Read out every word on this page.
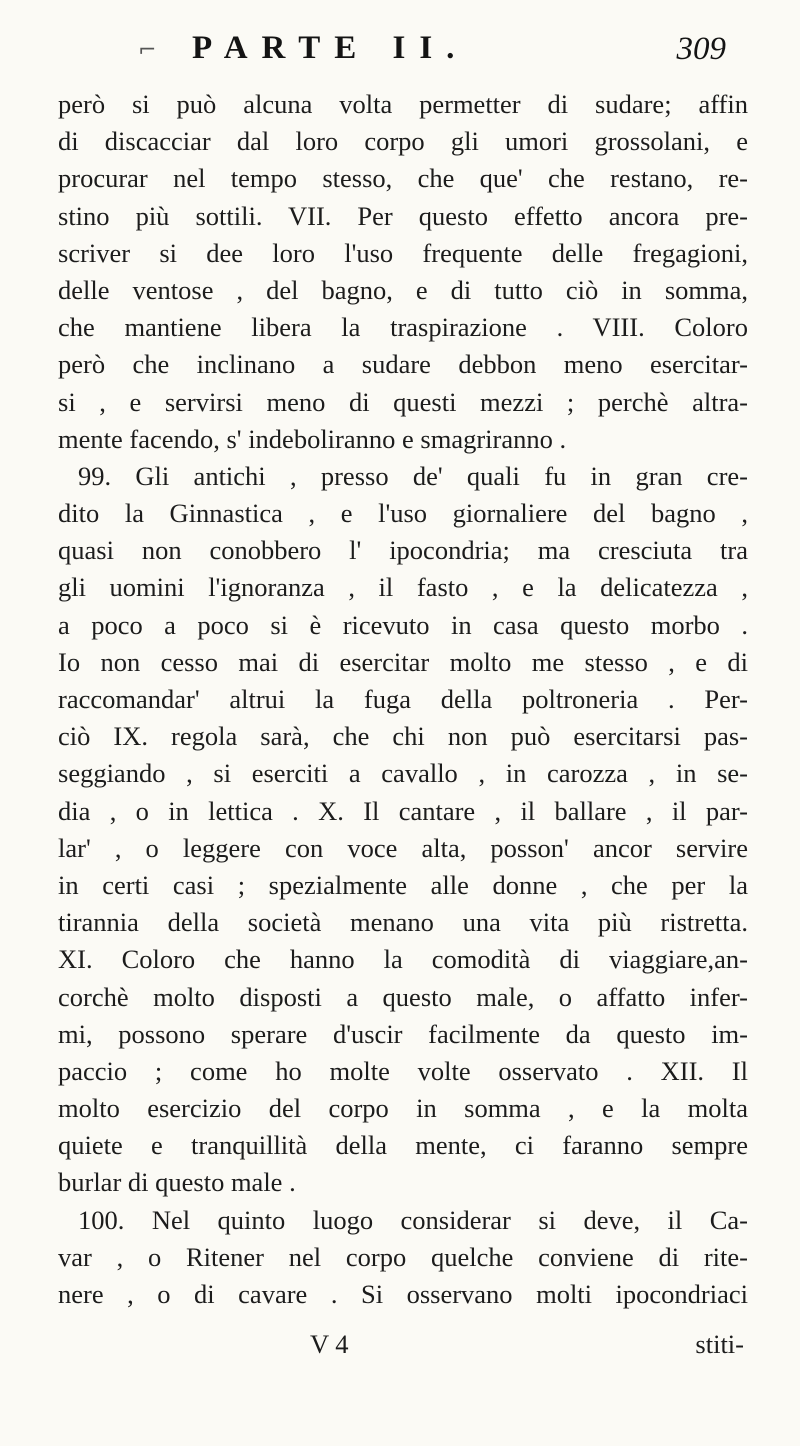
⌐ PARTE II.	309
però si può alcuna volta permetter di sudare; affin
di discacciar dal loro corpo gli umori grossolani, e
procurar nel tempo stesso, che que' che restano, re-
stino più sottili. VII. Per questo effetto ancora pre-
scriver si dee loro l'uso frequente delle fregagioni,
delle ventose , del bagno, e di tutto ciò in somma,
che mantiene libera la traspirazione . VIII. Coloro
però che inclinano a sudare debbon meno esercitar-
si , e servirsi meno di questi mezzi ; perchè altra-
mente facendo, s' indeboliranno e smagriranno .
99. Gli antichi , presso de' quali fu in gran cre-
dito la Ginnastica , e l'uso giornaliere del bagno ,
quasi non conobbero l' ipocondria; ma cresciuta tra
gli uomini l'ignoranza , il fasto , e la delicatezza ,
a poco a poco si è ricevuto in casa questo morbo .
Io non cesso mai di esercitar molto me stesso , e di
raccomandar' altrui la fuga della poltroneria . Per-
ciò IX. regola sarà, che chi non può esercitarsi pas-
seggiando , si eserciti a cavallo , in carozza , in se-
dia , o in lettica . X. Il cantare , il ballare , il par-
lar' , o leggere con voce alta, posson' ancor servire
in certi casi ; spezialmente alle donne , che per la
tirannia della società menano una vita più ristretta.
XI. Coloro che hanno la comodità di viaggiare,an-
corchè molto disposti a questo male, o affatto infer-
mi, possono sperare d'uscir facilmente da questo im-
paccio ; come ho molte volte osservato . XII. Il
molto esercizio del corpo in somma , e la molta
quiete e tranquillità della mente, ci faranno sempre
burlar di questo male .
100. Nel quinto luogo considerar si deve, il Ca-
var , o Ritener nel corpo quelche conviene di rite-
nere , o di cavare . Si osservano molti ipocondriaci
V 4	stiti-
